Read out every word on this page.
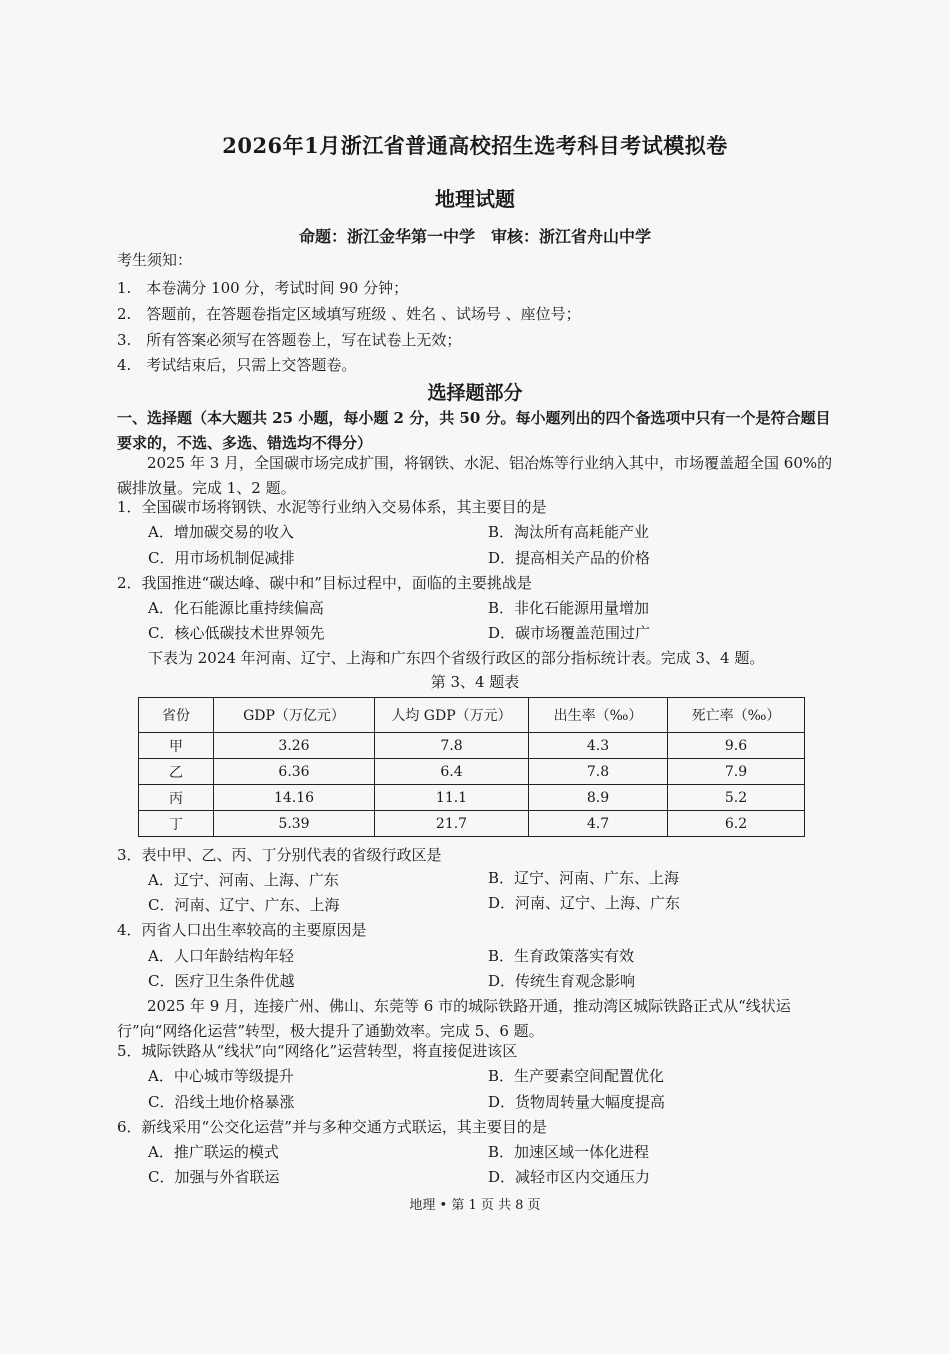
2026年1月浙江省普通高校招生选考科目考试模拟卷
地理试题
命题：浙江金华第一中学　审核：浙江省舟山中学
考生须知：
1.　本卷满分 100 分，考试时间 90 分钟；
2.　答题前，在答题卷指定区域填写班级 、姓名 、试场号 、座位号；
3.　所有答案必须写在答题卷上，写在试卷上无效；
4.　考试结束后，只需上交答题卷。
选择题部分
一、选择题（本大题共 25 小题，每小题 2 分，共 50 分。每小题列出的四个备选项中只有一个是符合题目要求的，不选、多选、错选均不得分）
2025 年 3 月，全国碳市场完成扩围，将钢铁、水泥、铝冶炼等行业纳入其中，市场覆盖超全国 60%的碳排放量。完成 1、2 题。
1．全国碳市场将钢铁、水泥等行业纳入交易体系，其主要目的是
A．增加碳交易的收入	B．淘汰所有高耗能产业
C．用市场机制促减排	D．提高相关产品的价格
2．我国推进“碳达峰、碳中和”目标过程中，面临的主要挑战是
A．化石能源比重持续偏高	B．非化石能源用量增加
C．核心低碳技术世界领先	D．碳市场覆盖范围过广
下表为 2024 年河南、辽宁、上海和广东四个省级行政区的部分指标统计表。完成 3、4 题。
第 3、4 题表
省份	GDP（万亿元）	人均 GDP（万元）	出生率（‰）	死亡率（‰）
甲	3.26	7.8	4.3	9.6
乙	6.36	6.4	7.8	7.9
丙	14.16	11.1	8.9	5.2
丁	5.39	21.7	4.7	6.2
3．表中甲、乙、丙、丁分别代表的省级行政区是
A．辽宁、河南、上海、广东	B．辽宁、河南、广东、上海
C．河南、辽宁、广东、上海	D．河南、辽宁、上海、广东
4．丙省人口出生率较高的主要原因是
A．人口年龄结构年轻	B．生育政策落实有效
C．医疗卫生条件优越	D．传统生育观念影响
2025 年 9 月，连接广州、佛山、东莞等 6 市的城际铁路开通，推动湾区城际铁路正式从“线状运行”向“网络化运营”转型，极大提升了通勤效率。完成 5、6 题。
5．城际铁路从“线状”向“网络化”运营转型，将直接促进该区
A．中心城市等级提升	B．生产要素空间配置优化
C．沿线土地价格暴涨	D．货物周转量大幅度提高
6．新线采用“公交化运营”并与多种交通方式联运，其主要目的是
A．推广联运的模式	B．加速区域一体化进程
C．加强与外省联运	D．减轻市区内交通压力
地理 • 第 1 页 共 8 页
